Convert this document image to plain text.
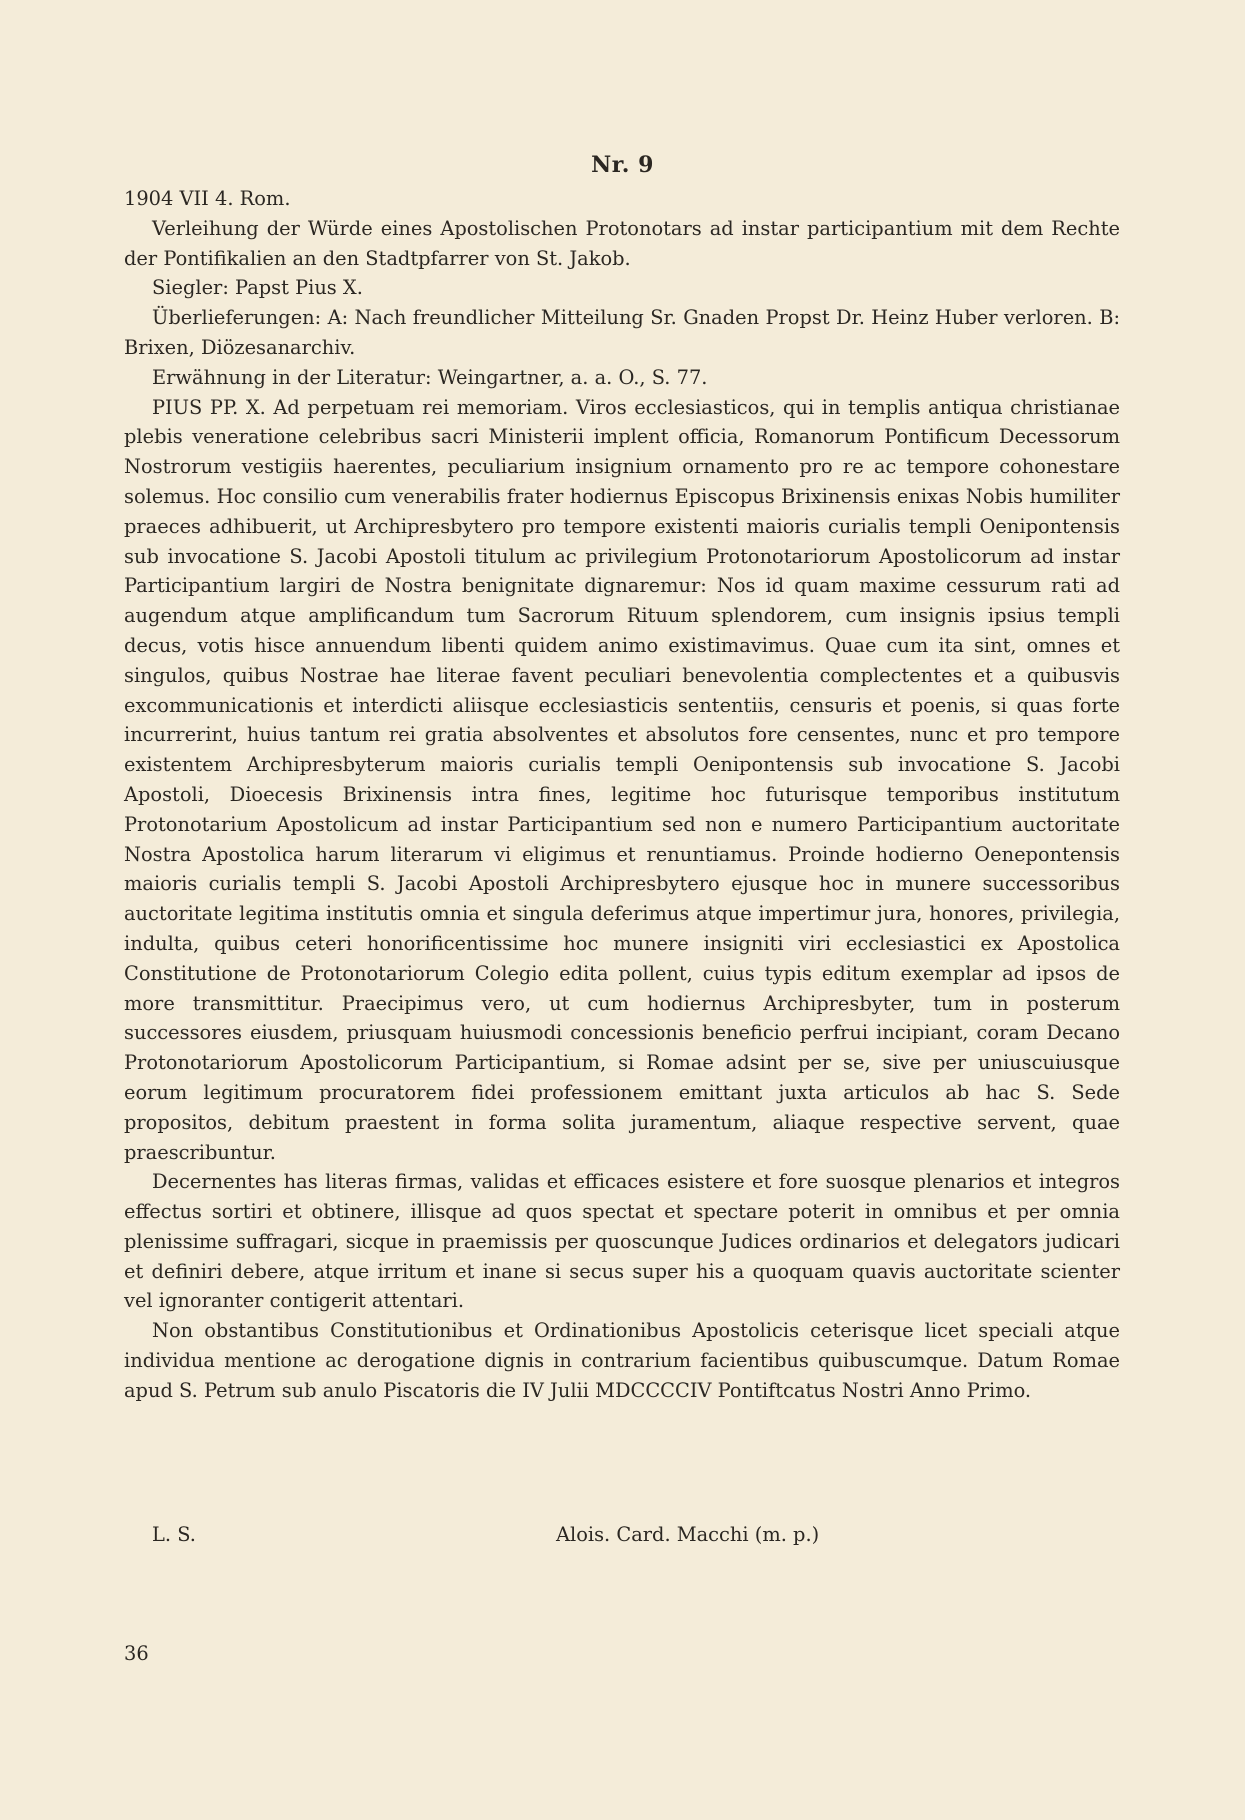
Nr. 9

1904 VII 4. Rom.

Verleihung der Würde eines Apostolischen Protonotars ad instar participantium mit dem Rechte der Pontifikalien an den Stadtpfarrer von St. Jakob.

Siegler: Papst Pius X.

Überlieferungen: A: Nach freundlicher Mitteilung Sr. Gnaden Propst Dr. Heinz Huber verloren. B: Brixen, Diözesanarchiv.

Erwähnung in der Literatur: Weingartner, a. a. O., S. 77.

PIUS PP. X. Ad perpetuam rei memoriam. Viros ecclesiasticos, qui in templis antiqua christianae plebis veneratione celebribus sacri Ministerii implent officia, Romanorum Pontificum Decessorum Nostrorum vestigiis haerentes, peculiarium insignium ornamento pro re ac tempore cohonestare solemus. Hoc consilio cum venerabilis frater hodiernus Episcopus Brixinensis enixas Nobis humiliter praeces adhibuerit, ut Archipresbytero pro tempore existenti maioris curialis templi Oenipontensis sub invocatione S. Jacobi Apostoli titulum ac privilegium Protonotariorum Apostolicorum ad instar Participantium largiri de Nostra benignitate dignaremur: Nos id quam maxime cessurum rati ad augendum atque amplificandum tum Sacrorum Rituum splendorem, cum insignis ipsius templi decus, votis hisce annuendum libenti quidem animo existimavimus. Quae cum ita sint, omnes et singulos, quibus Nostrae hae literae favent peculiari benevolentia complectentes et a quibusvis excommunicationis et interdicti aliisque ecclesiasticis sententiis, censuris et poenis, si quas forte incurrerint, huius tantum rei gratia absolventes et absolutos fore censentes, nunc et pro tempore existentem Archipresbyterum maioris curialis templi Oenipontensis sub invocatione S. Jacobi Apostoli, Dioecesis Brixinensis intra fines, legitime hoc futurisque temporibus institutum Protonotarium Apostolicum ad instar Participantium sed non e numero Participantium auctoritate Nostra Apostolica harum literarum vi eligimus et renuntiamus. Proinde hodierno Oenepontensis maioris curialis templi S. Jacobi Apostoli Archipresbytero ejusque hoc in munere successoribus auctoritate legitima institutis omnia et singula deferimus atque impertimur jura, honores, privilegia, indulta, quibus ceteri honorificentissime hoc munere insigniti viri ecclesiastici ex Apostolica Constitutione de Protonotariorum Colegio edita pollent, cuius typis editum exemplar ad ipsos de more transmittitur. Praecipimus vero, ut cum hodiernus Archipresbyter, tum in posterum successores eiusdem, priusquam huiusmodi concessionis beneficio perfrui incipiant, coram Decano Protonotariorum Apostolicorum Participantium, si Romae adsint per se, sive per uniuscuiusque eorum legitimum procuratorem fidei professionem emittant juxta articulos ab hac S. Sede propositos, debitum praestent in forma solita juramentum, aliaque respective servent, quae praescribuntur.

Decernentes has literas firmas, validas et efficaces esistere et fore suosque plenarios et integros effectus sortiri et obtinere, illisque ad quos spectat et spectare poterit in omnibus et per omnia plenissime suffragari, sicque in praemissis per quoscunque Judices ordinarios et delegators judicari et definiri debere, atque irritum et inane si secus super his a quoquam quavis auctoritate scienter vel ignoranter contigerit attentari.

Non obstantibus Constitutionibus et Ordinationibus Apostolicis ceterisque licet speciali atque individua mentione ac derogatione dignis in contrarium facientibus quibuscumque. Datum Romae apud S. Petrum sub anulo Piscatoris die IV Julii MDCCCCIV Pontiftcatus Nostri Anno Primo.

L. S.	Alois. Card. Macchi (m. p.)
36
